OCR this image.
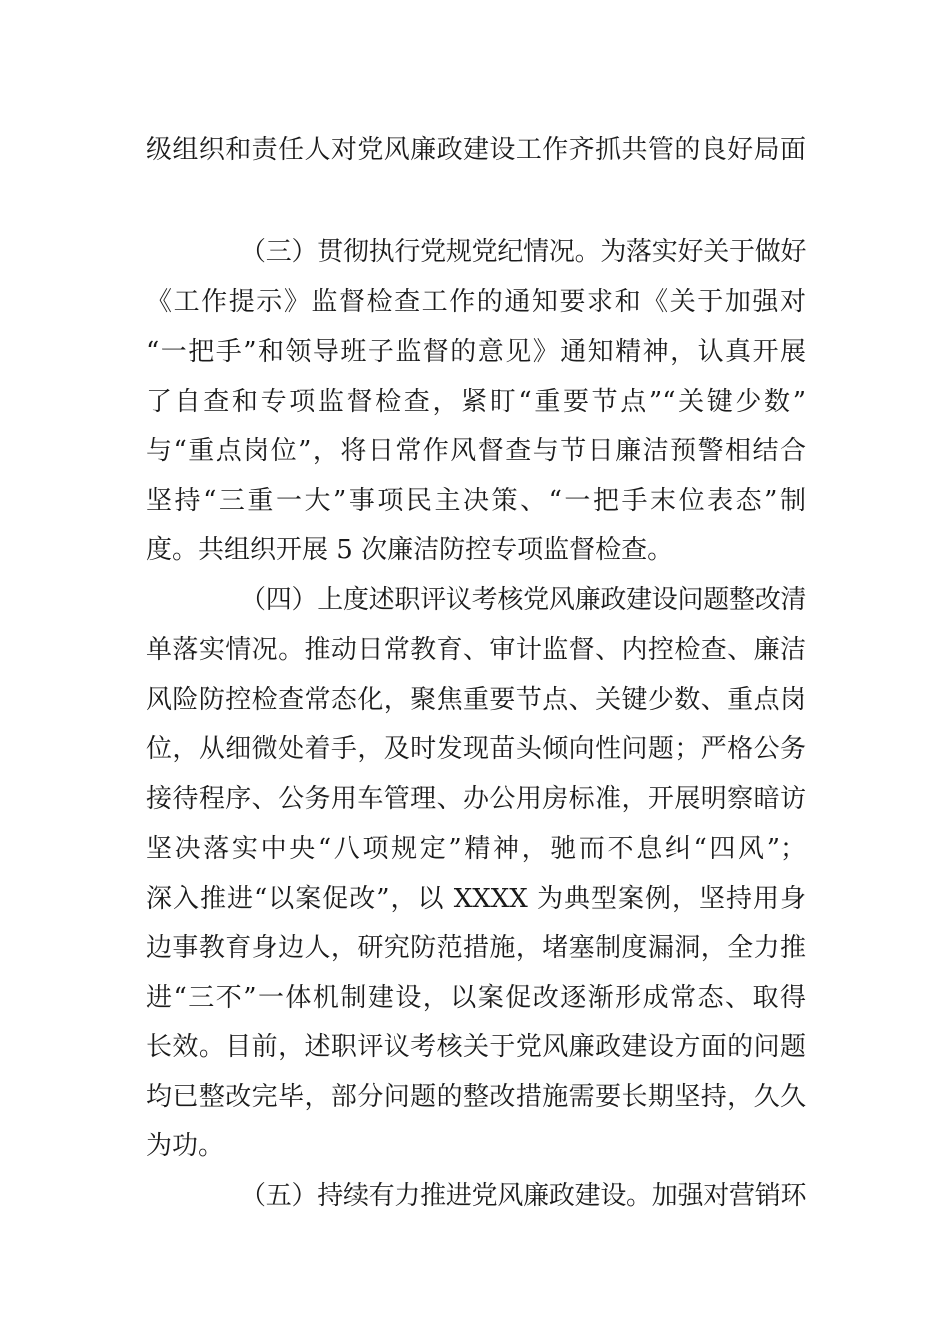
级组织和责任人对党风廉政建设工作齐抓共管的良好局面
（三）贯彻执行党规党纪情况。为落实好关于做好
《工作提示》监督检查工作的通知要求和《关于加强对
“一把手”和领导班子监督的意见》通知精神，认真开展
了自查和专项监督检查，紧盯“重要节点”“关键少数”
与“重点岗位”，将日常作风督查与节日廉洁预警相结合
坚持“三重一大”事项民主决策、“一把手末位表态”制
度。共组织开展 5 次廉洁防控专项监督检查。
（四）上度述职评议考核党风廉政建设问题整改清
单落实情况。推动日常教育、审计监督、内控检查、廉洁
风险防控检查常态化，聚焦重要节点、关键少数、重点岗
位，从细微处着手，及时发现苗头倾向性问题；严格公务
接待程序、公务用车管理、办公用房标准，开展明察暗访
坚决落实中央“八项规定”精神，驰而不息纠“四风”；
深入推进“以案促改”，以 XXXX 为典型案例，坚持用身
边事教育身边人，研究防范措施，堵塞制度漏洞，全力推
进“三不”一体机制建设，以案促改逐渐形成常态、取得
长效。目前，述职评议考核关于党风廉政建设方面的问题
均已整改完毕，部分问题的整改措施需要长期坚持，久久
为功。
（五）持续有力推进党风廉政建设。加强对营销环
